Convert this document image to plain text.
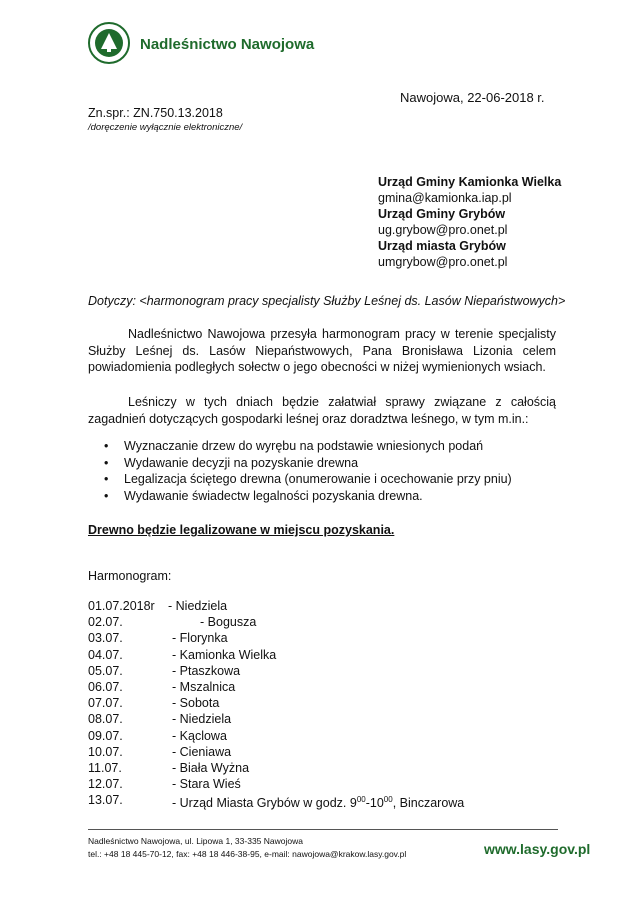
Nadleśnictwo Nawojowa
Nawojowa, 22-06-2018 r.
Zn.spr.: ZN.750.13.2018
/doręczenie wyłącznie elektroniczne/
Urząd Gminy Kamionka Wielka
gmina@kamionka.iap.pl
Urząd Gminy Grybów
ug.grybow@pro.onet.pl
Urząd miasta Grybów
umgrybow@pro.onet.pl
Dotyczy: <harmonogram pracy specjalisty Służby Leśnej ds. Lasów Niepaństwowych>
Nadleśnictwo Nawojowa przesyła harmonogram pracy w terenie specjalisty Służby Leśnej ds. Lasów Niepaństwowych, Pana Bronisława Lizonia celem powiadomienia podległych sołectw o jego obecności w niżej wymienionych wsiach.
Leśniczy w tych dniach będzie załatwiał sprawy związane z całością zagadnień dotyczących gospodarki leśnej oraz doradztwa leśnego, w tym m.in.:
• Wyznaczanie drzew do wyrębu na podstawie wniesionych podań
• Wydawanie decyzji na pozyskanie drewna
• Legalizacja ściętego drewna (onumerowanie i ocechowanie przy pniu)
• Wydawanie świadectw legalności pozyskania drewna.
Drewno będzie legalizowane w miejscu pozyskania.
Harmonogram:
01.07.2018r - Niedziela
02.07.	- Bogusza
03.07.	- Florynka
04.07.	- Kamionka Wielka
05.07.	- Ptaszkowa
06.07.	- Mszalnica
07.07.	- Sobota
08.07.	- Niedziela
09.07.	- Kąclowa
10.07.	- Cieniawa
11.07.	- Biała Wyżna
12.07.	- Stara Wieś
13.07.	- Urząd Miasta Grybów w godz. $9^{00}-10^{00}$, Binczarowa
Nadleśnictwo Nawojowa, ul. Lipowa 1, 33-335 Nawojowa
tel.: +48 18 445-70-12, fax: +48 18 446-38-95, e-mail: nawojowa@krakow.lasy.gov.pl	www.lasy.gov.pl
